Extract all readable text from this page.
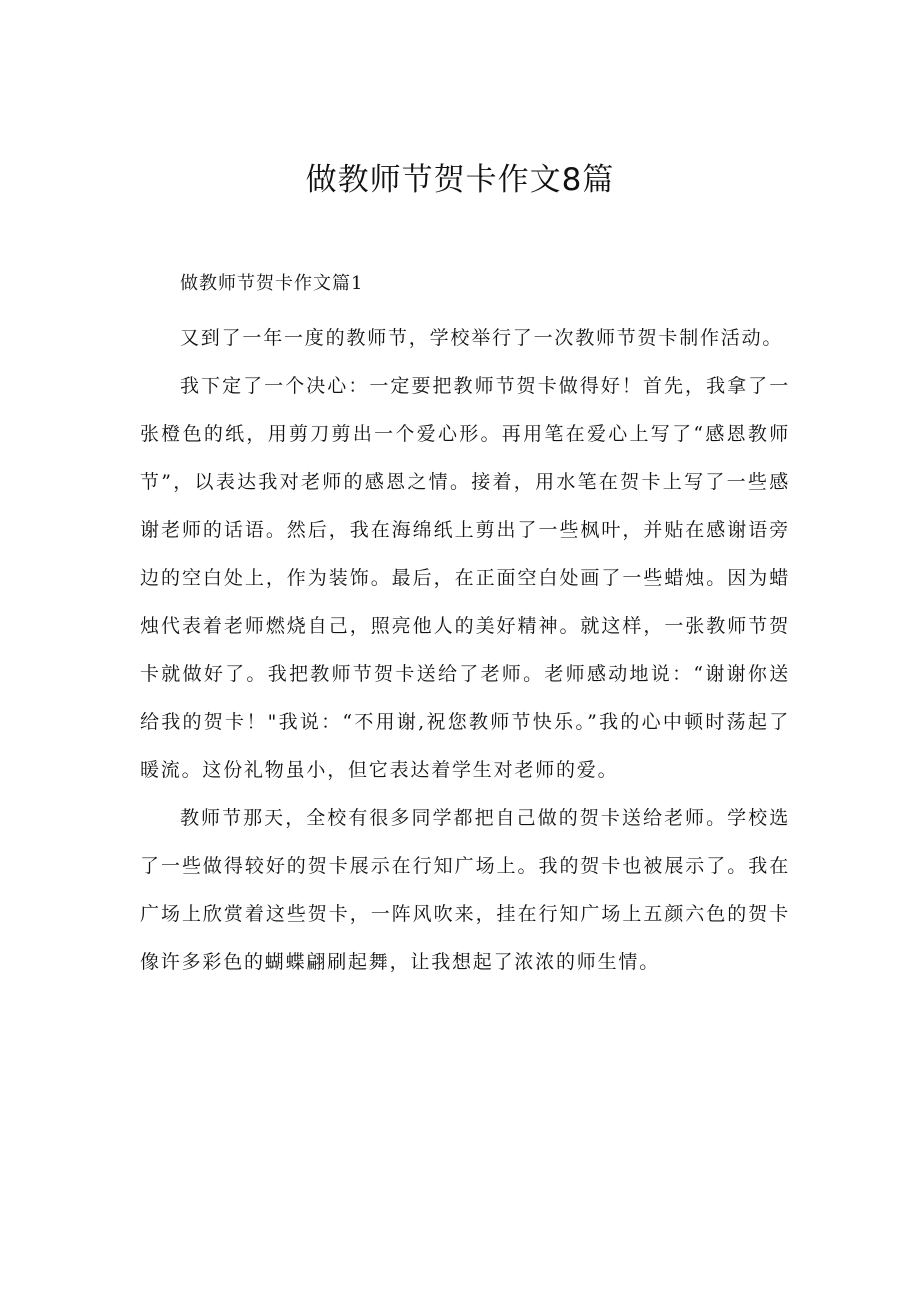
做教师节贺卡作文8篇

做教师节贺卡作文篇1

又到了一年一度的教师节，学校举行了一次教师节贺卡制作活动。

我下定了一个决心：一定要把教师节贺卡做得好！首先，我拿了一张橙色的纸，用剪刀剪出一个爱心形。再用笔在爱心上写了“感恩教师节”，以表达我对老师的感恩之情。接着，用水笔在贺卡上写了一些感谢老师的话语。然后，我在海绵纸上剪出了一些枫叶，并贴在感谢语旁边的空白处上，作为装饰。最后，在正面空白处画了一些蜡烛。因为蜡烛代表着老师燃烧自己，照亮他人的美好精神。就这样，一张教师节贺卡就做好了。我把教师节贺卡送给了老师。老师感动地说：“谢谢你送给我的贺卡！"我说：“不用谢,祝您教师节快乐。”我的心中顿时荡起了暖流。这份礼物虽小，但它表达着学生对老师的爱。

教师节那天，全校有很多同学都把自己做的贺卡送给老师。学校选了一些做得较好的贺卡展示在行知广场上。我的贺卡也被展示了。我在广场上欣赏着这些贺卡，一阵风吹来，挂在行知广场上五颜六色的贺卡像许多彩色的蝴蝶翩刷起舞，让我想起了浓浓的师生情。
